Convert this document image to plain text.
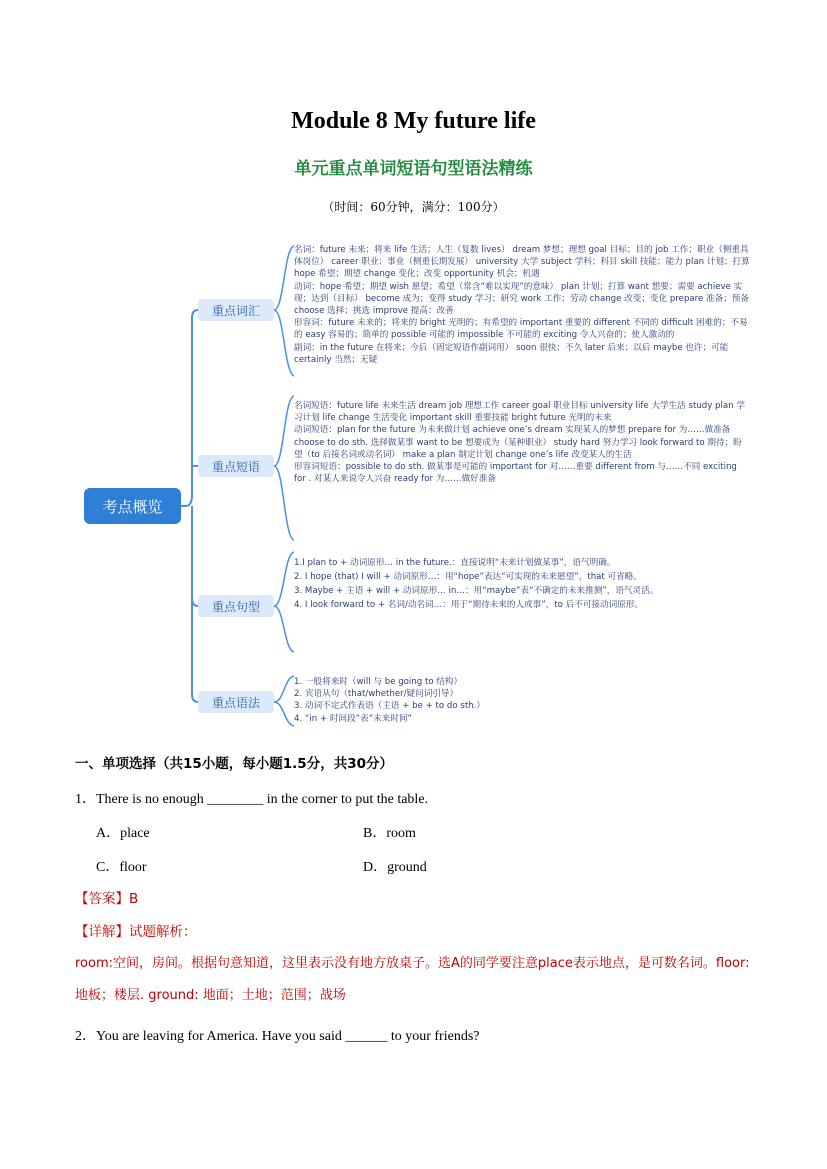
Module 8 My future life
单元重点单词短语句型语法精练
（时间：60分钟，满分：100分）
考点概览
重点词汇
名词：future 未来；将来 life 生活；人生（复数 lives） dream 梦想；理想 goal 目标；目的 job 工作；职业（侧重具体岗位） career 职业；事业（侧重长期发展） university 大学 subject 学科；科目 skill 技能；能力 plan 计划；打算 hope 希望；期望 change 变化；改变 opportunity 机会；机遇
动词：hope 希望；期望 wish 愿望；希望（常含“难以实现”的意味） plan 计划；打算 want 想要；需要 achieve 实现；达到（目标） become 成为；变得 study 学习；研究 work 工作；劳动 change 改变；变化 prepare 准备；预备 choose 选择；挑选 improve 提高；改善
形容词：future 未来的；将来的 bright 光明的；有希望的 important 重要的 different 不同的 difficult 困难的；不易的 easy 容易的；简单的 possible 可能的 impossible 不可能的 exciting 令人兴奋的；使人激动的
副词：in the future 在将来；今后（固定短语作副词用） soon 很快；不久 later 后来；以后 maybe 也许；可能 certainly 当然；无疑
重点短语
名词短语：future life 未来生活 dream job 理想工作 career goal 职业目标 university life 大学生活 study plan 学习计划 life change 生活变化 important skill 重要技能 bright future 光明的未来
动词短语：plan for the future 为未来做计划 achieve one’s dream 实现某人的梦想 prepare for 为……做准备 choose to do sth. 选择做某事 want to be 想要成为（某种职业） study hard 努力学习 look forward to 期待；盼望（to 后接名词或动名词） make a plan 制定计划 change one’s life 改变某人的生活
形容词短语：possible to do sth. 做某事是可能的 important for 对……重要 different from 与……不同 exciting for . 对某人来说令人兴奋 ready for 为……做好准备
重点句型
1.I plan to + 动词原形… in the future.：直接说明“未来计划做某事”，语气明确。
2. I hope (that) I will + 动词原形…：用“hope”表达“可实现的未来愿望”，that 可省略。
3. Maybe + 主语 + will + 动词原形… in…：用“maybe”表“不确定的未来推测”，语气灵活。
4. I look forward to + 名词/动名词…：用于“期待未来的人或事”，to 后不可接动词原形。
重点语法
1. 一般将来时（will 与 be going to 结构）
2. 宾语从句（that/whether/疑问词引导）
3. 动词不定式作表语（主语 + be + to do sth.）
4. “in + 时间段”表“未来时间”
一、单项选择（共15小题，每小题1.5分，共30分）
1．There is no enough ________ in the corner to put the table.
A．place	B．room
C．floor	D．ground
【答案】B
【详解】试题解析：
room:空间，房间。根据句意知道，这里表示没有地方放桌子。选A的同学要注意place表示地点，是可数名词。floor: 地板；楼层. ground: 地面；土地；范围；战场
2．You are leaving for America. Have you said ______ to your friends?
